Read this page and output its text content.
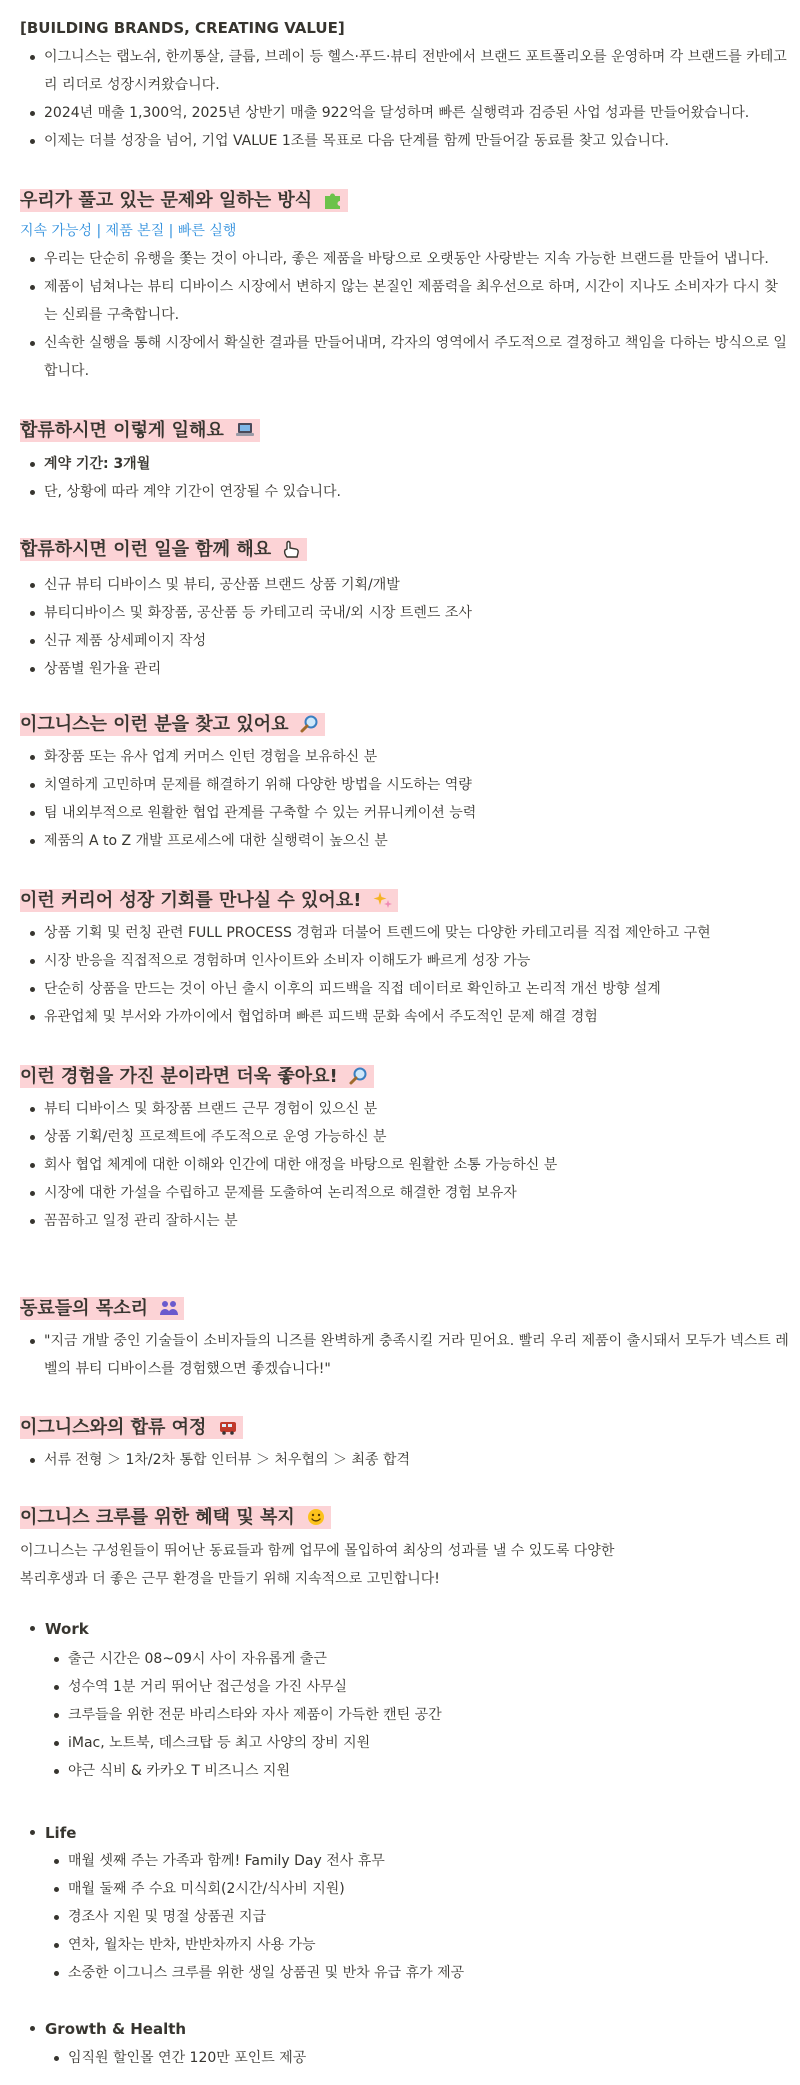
[BUILDING BRANDS, CREATING VALUE]
이그니스는 랩노쉬, 한끼통살, 클룹, 브레이 등 헬스·푸드·뷰티 전반에서 브랜드 포트폴리오를 운영하며 각 브랜드를 카테고리 리더로 성장시켜왔습니다.
2024년 매출 1,300억, 2025년 상반기 매출 922억을 달성하며 빠른 실행력과 검증된 사업 성과를 만들어왔습니다.
이제는 더블 성장을 넘어, 기업 VALUE 1조를 목표로 다음 단계를 함께 만들어갈 동료를 찾고 있습니다.
우리가 풀고 있는 문제와 일하는 방식
지속 가능성 | 제품 본질 | 빠른 실행
우리는 단순히 유행을 쫓는 것이 아니라, 좋은 제품을 바탕으로 오랫동안 사랑받는 지속 가능한 브랜드를 만들어 냅니다.
제품이 넘쳐나는 뷰티 디바이스 시장에서 변하지 않는 본질인 제품력을 최우선으로 하며, 시간이 지나도 소비자가 다시 찾는 신뢰를 구축합니다.
신속한 실행을 통해 시장에서 확실한 결과를 만들어내며, 각자의 영역에서 주도적으로 결정하고 책임을 다하는 방식으로 일합니다.
합류하시면 이렇게 일해요
계약 기간: 3개월
단, 상황에 따라 계약 기간이 연장될 수 있습니다.
합류하시면 이런 일을 함께 해요
신규 뷰티 디바이스 및 뷰티, 공산품 브랜드 상품 기획/개발
뷰티디바이스 및 화장품, 공산품 등 카테고리 국내/외 시장 트렌드 조사
신규 제품 상세페이지 작성
상품별 원가율 관리
이그니스는 이런 분을 찾고 있어요
화장품 또는 유사 업계 커머스 인턴 경험을 보유하신 분
치열하게 고민하며 문제를 해결하기 위해 다양한 방법을 시도하는 역량
팀 내외부적으로 원활한 협업 관계를 구축할 수 있는 커뮤니케이션 능력
제품의 A to Z 개발 프로세스에 대한 실행력이 높으신 분
이런 커리어 성장 기회를 만나실 수 있어요!
상품 기획 및 런칭 관련 FULL PROCESS 경험과 더불어 트렌드에 맞는 다양한 카테고리를 직접 제안하고 구현
시장 반응을 직접적으로 경험하며 인사이트와 소비자 이해도가 빠르게 성장 가능
단순히 상품을 만드는 것이 아닌 출시 이후의 피드백을 직접 데이터로 확인하고 논리적 개선 방향 설계
유관업체 및 부서와 가까이에서 협업하며 빠른 피드백 문화 속에서 주도적인 문제 해결 경험
이런 경험을 가진 분이라면 더욱 좋아요!
뷰티 디바이스 및 화장품 브랜드 근무 경험이 있으신 분
상품 기획/런칭 프로젝트에 주도적으로 운영 가능하신 분
회사 협업 체계에 대한 이해와 인간에 대한 애정을 바탕으로 원활한 소통 가능하신 분
시장에 대한 가설을 수립하고 문제를 도출하여 논리적으로 해결한 경험 보유자
꼼꼼하고 일정 관리 잘하시는 분
동료들의 목소리
"지금 개발 중인 기술들이 소비자들의 니즈를 완벽하게 충족시킬 거라 믿어요. 빨리 우리 제품이 출시돼서 모두가 넥스트 레벨의 뷰티 디바이스를 경험했으면 좋겠습니다!"
이그니스와의 합류 여정
서류 전형 ＞ 1차/2차 통합 인터뷰 ＞ 처우협의 ＞ 최종 합격
이그니스 크루를 위한 혜택 및 복지
이그니스는 구성원들이 뛰어난 동료들과 함께 업무에 몰입하여 최상의 성과를 낼 수 있도록 다양한
복리후생과 더 좋은 근무 환경을 만들기 위해 지속적으로 고민합니다!
Work
출근 시간은 08~09시 사이 자유롭게 출근
성수역 1분 거리 뛰어난 접근성을 가진 사무실
크루들을 위한 전문 바리스타와 자사 제품이 가득한 캔틴 공간
iMac, 노트북, 데스크탑 등 최고 사양의 장비 지원
야근 식비 & 카카오 T 비즈니스 지원
Life
매월 셋째 주는 가족과 함께! Family Day 전사 휴무
매월 둘째 주 수요 미식회(2시간/식사비 지원)
경조사 지원 및 명절 상품권 지급
연차, 월차는 반차, 반반차까지 사용 가능
소중한 이그니스 크루를 위한 생일 상품권 및 반차 유급 휴가 제공
Growth & Health
임직원 할인몰 연간 120만 포인트 제공
